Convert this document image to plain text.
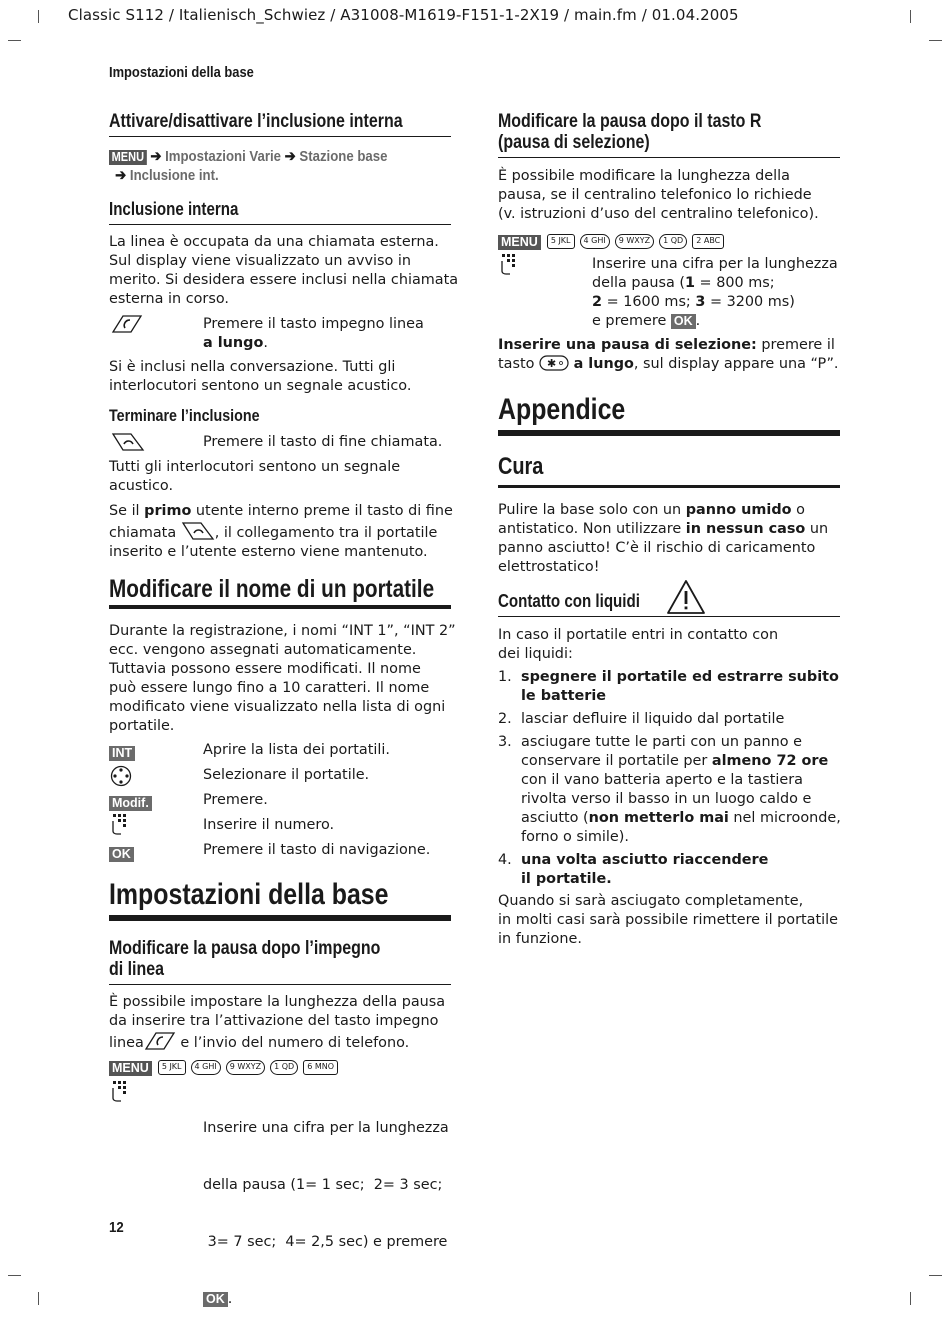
Classic S112 / Italienisch_Schwiez / A31008-M1619-F151-1-2X19 / main.fm / 01.04.2005
Impostazioni della base
Attivare/disattivare l’inclusione interna
MENU ➔ Impostazioni Varie ➔ Stazione base
➔ Inclusione int.
Inclusione interna
La linea è occupata da una chiamata esterna.
Sul display viene visualizzato un avviso in
merito. Si desidera essere inclusi nella chiamata
esterna in corso.
Premere il tasto impegno linea
a lungo.
Si è inclusi nella conversazione. Tutti gli
interlocutori sentono un segnale acustico.
Terminare l’inclusione
Premere il tasto di fine chiamata.
Tutti gli interlocutori sentono un segnale
acustico.
Se il primo utente interno preme il tasto di fine
chiamata	, il collegamento tra il portatile
inserito e l’utente esterno viene mantenuto.
Modificare il nome di un portatile
Durante la registrazione, i nomi “INT 1”, “INT 2”
ecc. vengono assegnati automaticamente.
Tuttavia possono essere modificati. Il nome
può essere lungo fino a 10 caratteri. Il nome
modificato viene visualizzato nella lista di ogni
portatile.
INT	Aprire la lista dei portatili.
Selezionare il portatile.
Modif.	Premere.
Inserire il numero.
OK	Premere il tasto di navigazione.
Impostazioni della base
Modificare la pausa dopo l’impegno
di linea
È possibile impostare la lunghezza della pausa
da inserire tra l’attivazione del tasto impegno
linea
e l’invio del numero di telefono.
MENU 5 JKL 4 GHI 9 WXYZ 1 QD 6 MNO

Inserire una cifra per la lunghezza

della pausa (1= 1 sec;  2= 3 sec;

3= 7 sec;  4= 2,5 sec) e premere

OK .

12
Modificare la pausa dopo il tasto R
(pausa di selezione)
È possibile modificare la lunghezza della
pausa, se il centralino telefonico lo richiede
(v. istruzioni d’uso del centralino telefonico).
MENU 5 JKL 4 GHI 9 WXYZ 1 QD 2 ABC
Inserire una cifra per la lunghezza
della pausa (1 = 800 ms;
2 = 1600 ms; 3 = 3200 ms)
e premere OK .
Inserire una pausa di selezione: premere il
tasto ✱ a lungo, sul display appare una “P”.
Appendice
Cura
Pulire la base solo con un panno umido o
antistatico. Non utilizzare in nessun caso un
panno asciutto! C’è il rischio di caricamento
elettrostatico!
Contatto con liquidi
In caso il portatile entri in contatto con
dei liquidi:
1. spegnere il portatile ed estrarre subito
le batterie
2. lasciar defluire il liquido dal portatile
3. asciugare tutte le parti con un panno e
conservare il portatile per almeno 72 ore
con il vano batteria aperto e la tastiera
rivolta verso il basso in un luogo caldo e
asciutto (non metterlo mai nel microonde,
forno o simile).
4. una volta asciutto riaccendere
il portatile.
Quando si sarà asciugato completamente,
in molti casi sarà possibile rimettere il portatile
in funzione.
